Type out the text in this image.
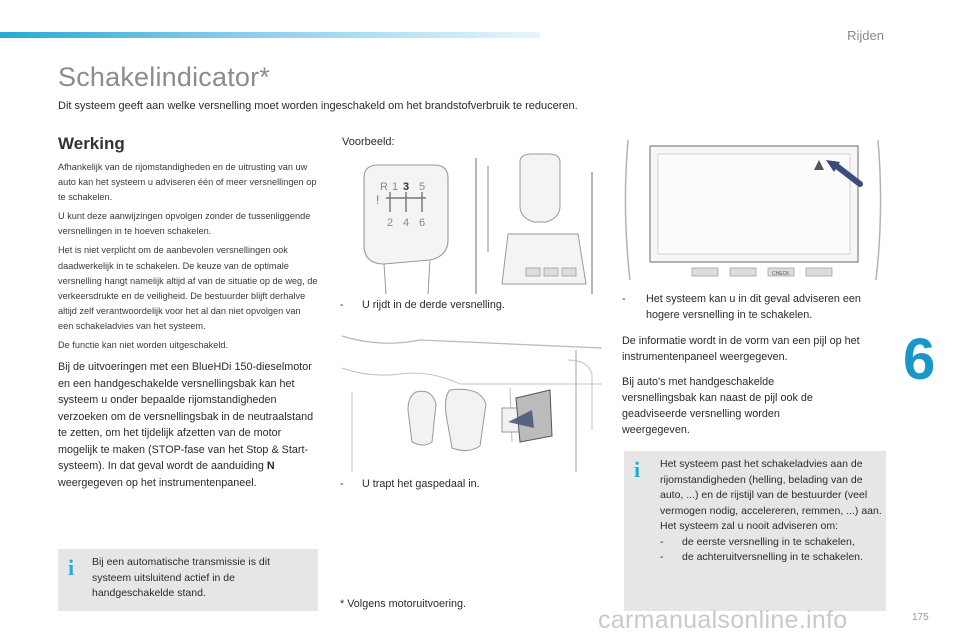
Rijden
Schakelindicator*
Dit systeem geeft aan welke versnelling moet worden ingeschakeld om het brandstofverbruik te reduceren.
Werking

Afhankelijk van de rijomstandigheden en de uitrusting van uw auto kan het systeem u adviseren één of meer versnellingen op te schakelen.

U kunt deze aanwijzingen opvolgen zonder de tussenliggende versnellingen in te hoeven schakelen.

Het is niet verplicht om de aanbevolen versnellingen ook daadwerkelijk in te schakelen. De keuze van de optimale versnelling hangt namelijk altijd af van de situatie op de weg, de verkeersdrukte en de veiligheid. De bestuurder blijft derhalve altijd zelf verantwoordelijk voor het al dan niet opvolgen van een schakeladvies van het systeem.

De functie kan niet worden uitgeschakeld.

Bij de uitvoeringen met een BlueHDi 150-dieselmotor en een handgeschakelde versnellingsbak kan het systeem u onder bepaalde rijomstandigheden verzoeken om de versnellingsbak in de neutraalstand te zetten, om het tijdelijk afzetten van de motor mogelijk te maken (STOP-fase van het Stop & Start-systeem). In dat geval wordt de aanduiding N weergegeven op het instrumentenpaneel.

i Bij een automatische transmissie is dit systeem uitsluitend actief in de handgeschakelde stand.
Voorbeeld:
!
R 1 3 5
2 4 6
- U rijdt in de derde versnelling.
- U trapt het gaspedaal in.
* Volgens motoruitvoering.
CHECK
-	Het systeem kan u in dit geval adviseren een hogere versnelling in te schakelen.
De informatie wordt in de vorm van een pijl op het instrumentenpaneel weergegeven.
Bij auto's met handgeschakelde versnellingsbak kan naast de pijl ook de geadviseerde versnelling worden weergegeven.
i Het systeem past het schakeladvies aan de rijomstandigheden (helling, belading van de auto, ...) en de rijstijl van de bestuurder (veel vermogen nodig, accelereren, remmen, ...) aan.
Het systeem zal u nooit adviseren om:
-	de eerste versnelling in te schakelen,
-	de achteruitversnelling in te schakelen.
6
carmanualsonline.info	175
